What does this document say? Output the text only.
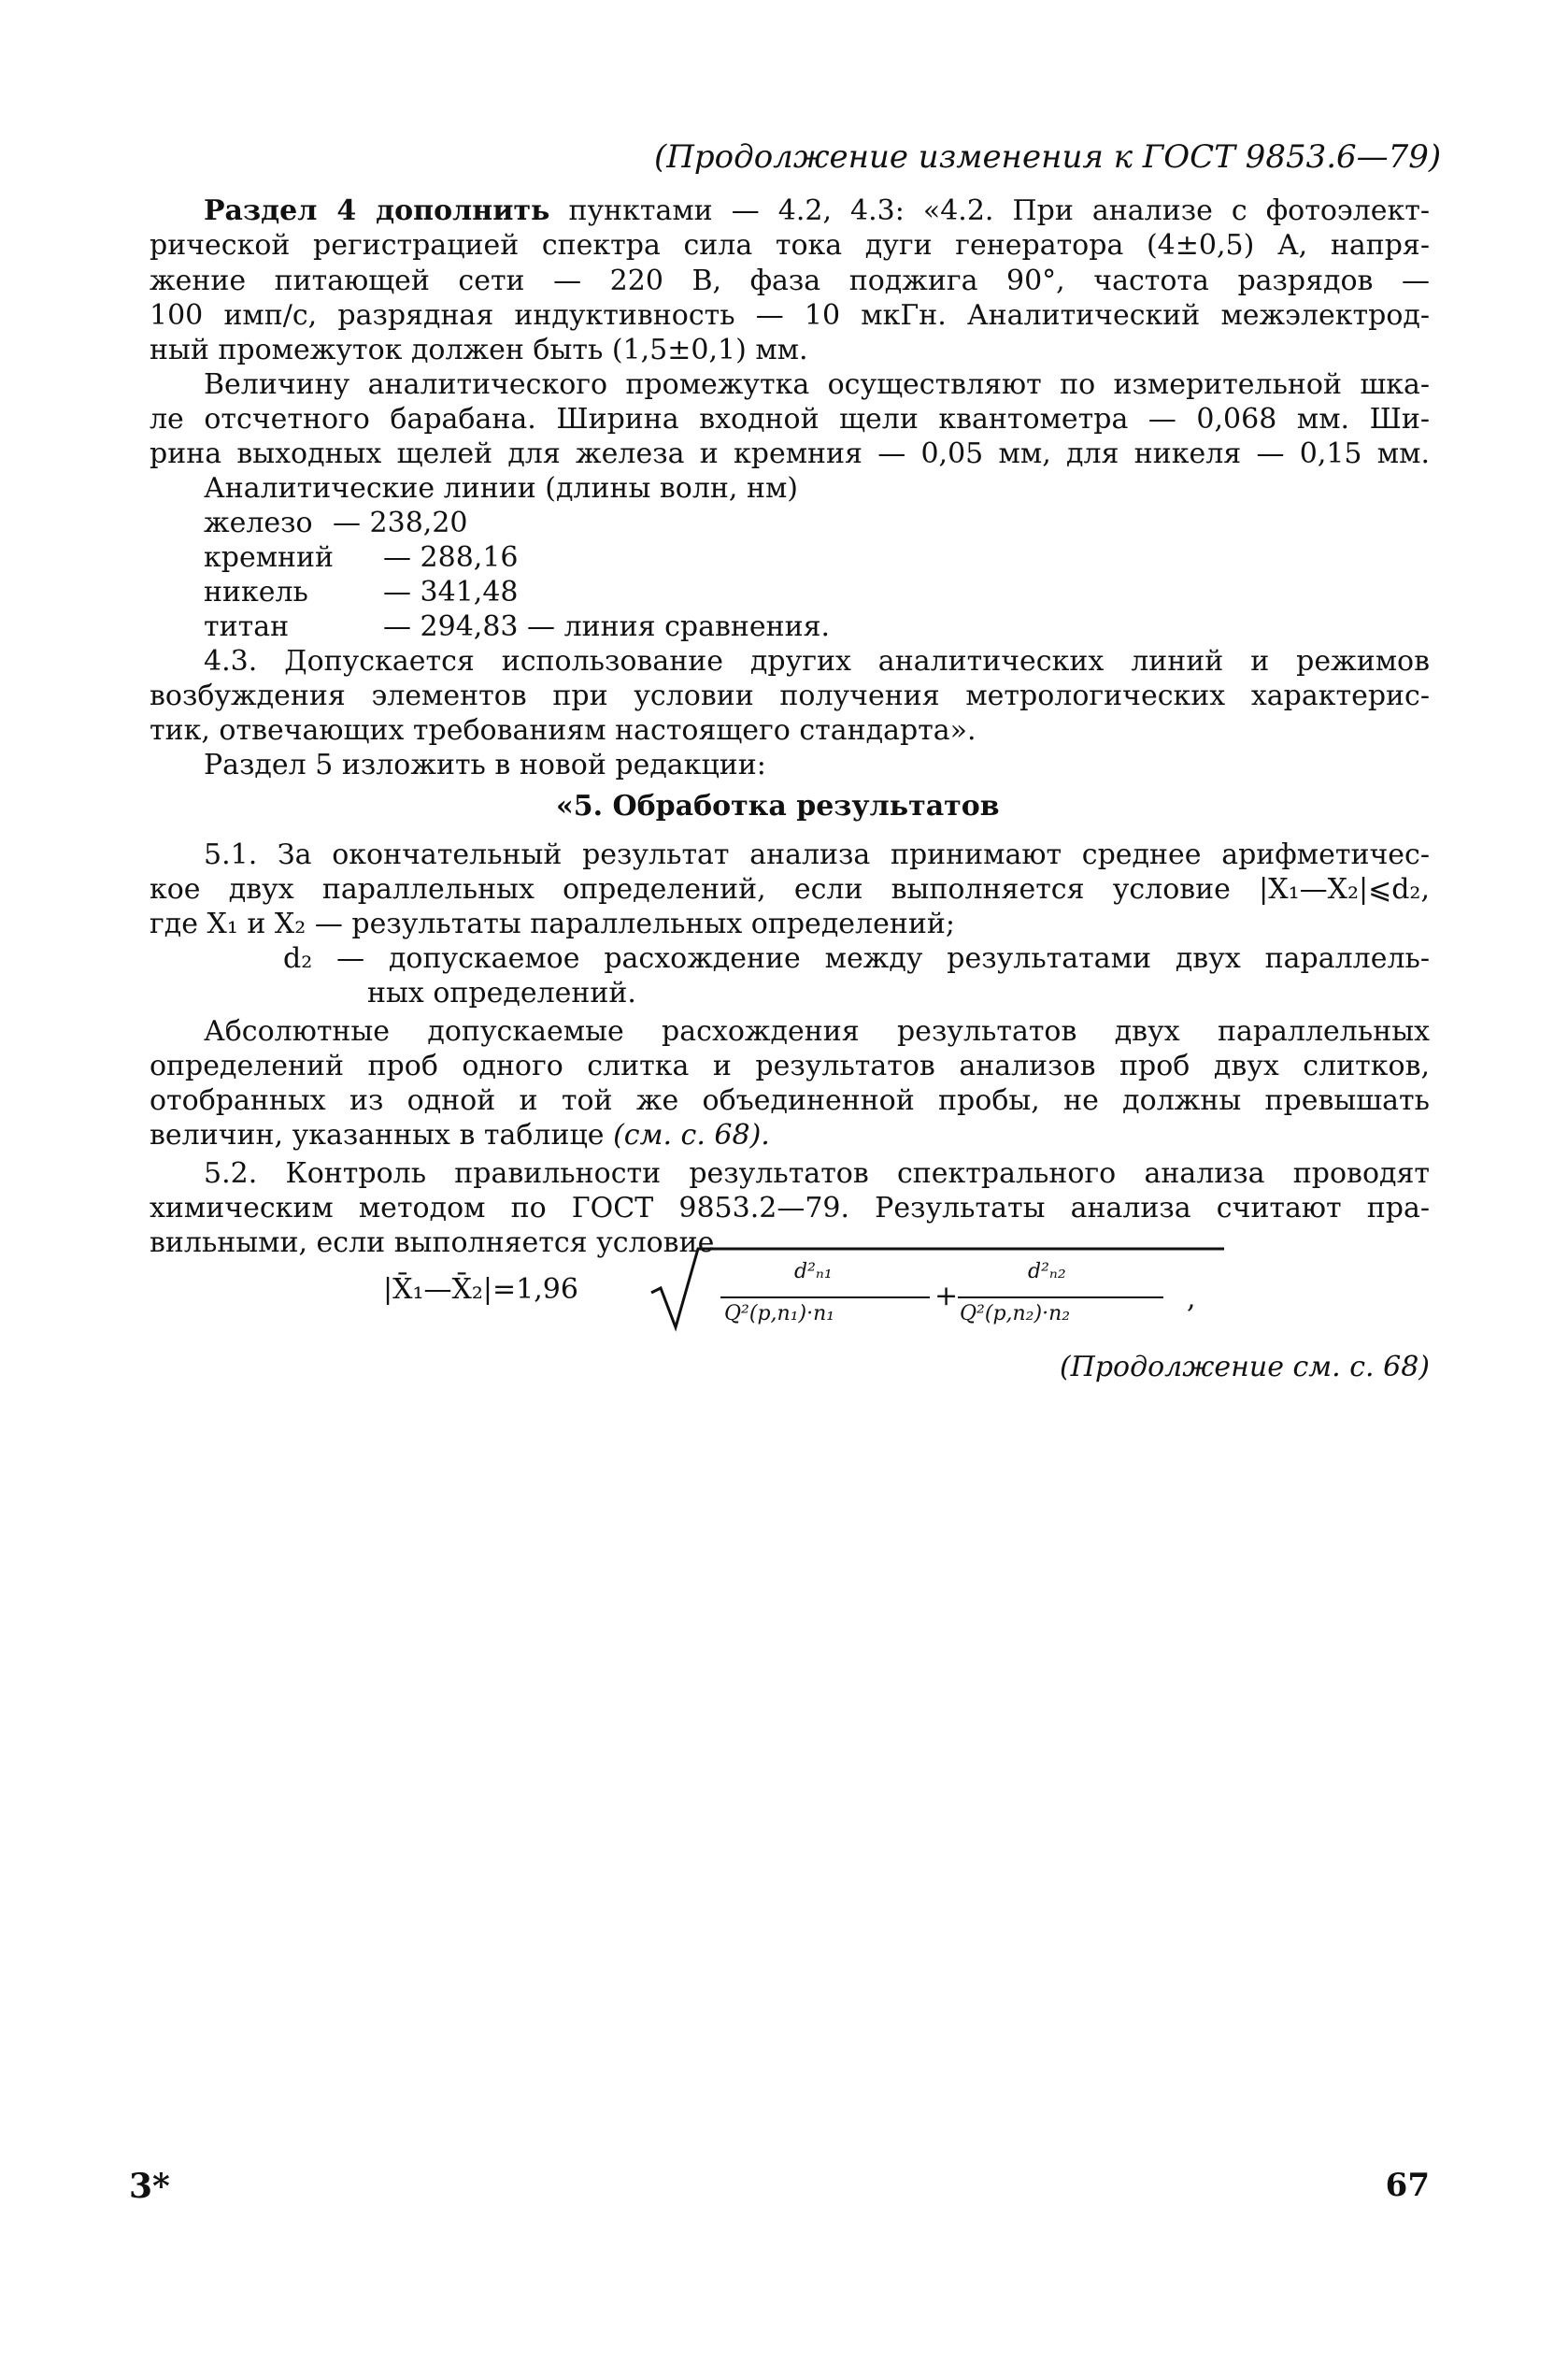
(Продолжение изменения к ГОСТ 9853.6—79)
Раздел 4 дополнить пунктами — 4.2, 4.3: «4.2. При анализе с фотоэлект-
рической регистрацией спектра сила тока дуги генератора (4±0,5) А, напря-
жение питающей сети — 220 В, фаза поджига 90°, частота разрядов —
100 имп/с, разрядная индуктивность — 10 мкГн. Аналитический межэлектрод-
ный промежуток должен быть (1,5±0,1) мм.
Величину аналитического промежутка осуществляют по измерительной шка-
ле отсчетного барабана. Ширина входной щели квантометра — 0,068 мм. Ши-
рина выходных щелей для железа и кремния — 0,05 мм, для никеля — 0,15 мм.
Аналитические линии (длины волн, нм)
железо — 238,20
кремний — 288,16
никель	— 341,48
титан	— 294,83 — линия сравнения.
4.3. Допускается использование других аналитических линий и режимов
возбуждения элементов при условии получения метрологических характерис-
тик, отвечающих требованиям настоящего стандарта».
Раздел 5 изложить в новой редакции:
«5. Обработка результатов
5.1. За окончательный результат анализа принимают среднее арифметичес-
кое двух параллельных определений, если выполняется условие |X₁—X₂|⩽d₂,
где X₁ и X₂ — результаты параллельных определений;
d₂ — допускаемое расхождение между результатами двух параллель-
ных определений.
Абсолютные допускаемые расхождения результатов двух параллельных
определений проб одного слитка и результатов анализов проб двух слитков,
отобранных из одной и той же объединенной пробы, не должны превышать
величин, указанных в таблице (см. с. 68).
5.2. Контроль правильности результатов спектрального анализа проводят
химическим методом по ГОСТ 9853.2—79. Результаты анализа считают пра-
вильными, если выполняется условие
|X̄₁—X̄₂|=1,96
d²ₙ₁
Q²(p,n₁)·n₁
+
d²ₙ₂
Q²(p,n₂)·n₂	,
(Продолжение см. с. 68)
3*	67
